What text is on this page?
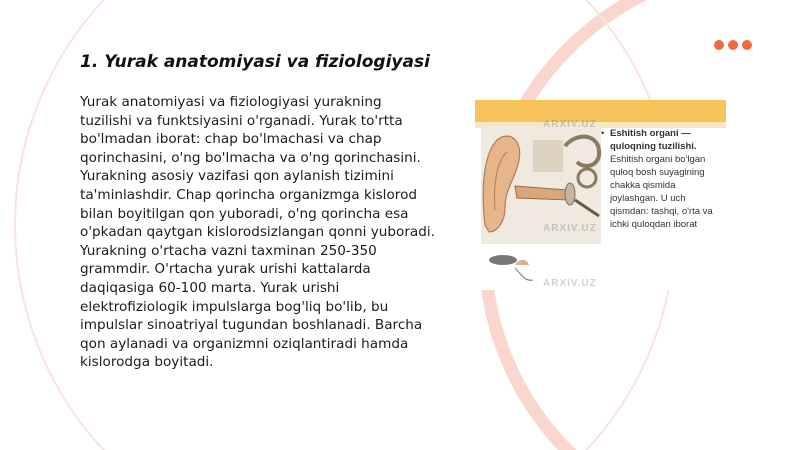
1. Yurak anatomiyasi va fiziologiyasi

Yurak anatomiyasi va fiziologiyasi yurakning tuzilishi va funktsiyasini o'rganadi. Yurak to'rtta bo'lmadan iborat: chap bo'lmachasi va chap qorinchasini, o'ng bo'lmacha va o'ng qorinchasini. Yurakning asosiy vazifasi qon aylanish tizimini ta'minlashdir. Chap qorincha organizmga kislorod bilan boyitilgan qon yuboradi, o'ng qorincha esa o'pkadan qaytgan kislorodsizlangan qonni yuboradi. Yurakning o'rtacha vazni taxminan 250-350 grammdir. O'rtacha yurak urishi kattalarda daqiqasiga 60-100 marta. Yurak urishi elektrofiziologik impulslarga bog'liq bo'lib, bu impulslar sinoatriyal tugundan boshlanadi. Barcha qon aylanadi va organizmni oziqlantiradi hamda kislorodga boyitadi.

• Eshitish organi — quloqning tuzilishi.
Eshitish organi bo'lgan quloq bosh suyagining chakka qismida joylashgan. U uch qismdan: tashqi, o'rta va ichki quloqdan iborat
ARXIV.UZ
ARXIV.UZ
ARXIV.UZ
